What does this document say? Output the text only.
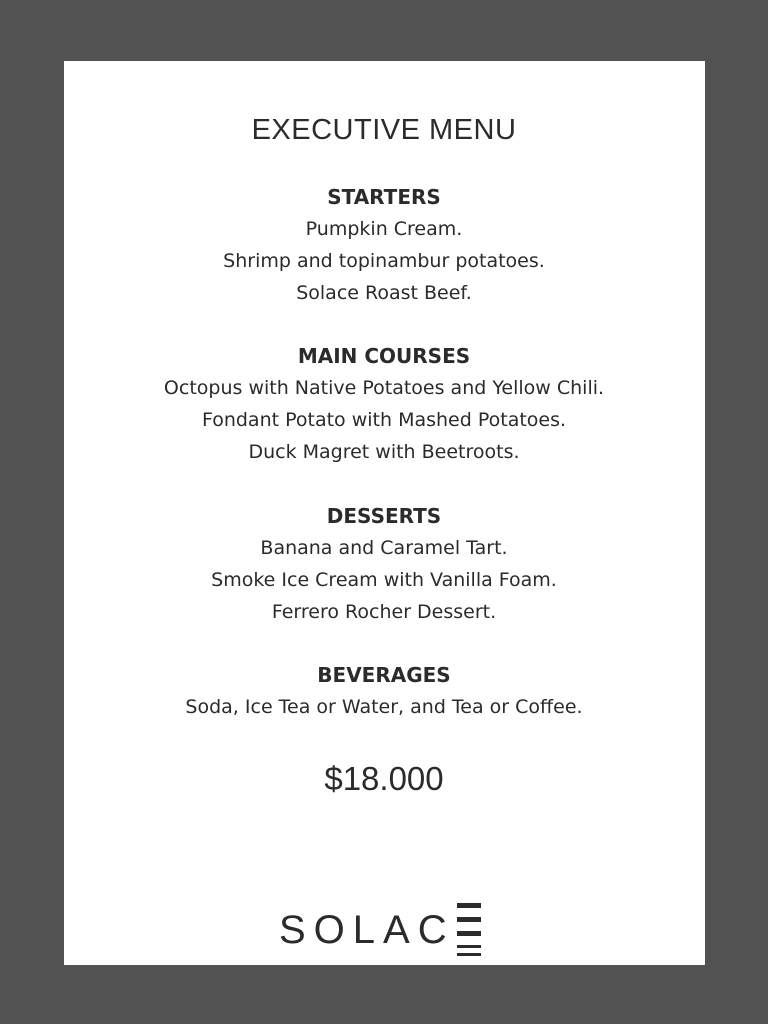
EXECUTIVE MENU
STARTERS
Pumpkin Cream.
Shrimp and topinambur potatoes.
Solace Roast Beef.
MAIN COURSES
Octopus with Native Potatoes and Yellow Chili.
Fondant Potato with Mashed Potatoes.
Duck Magret with Beetroots.
DESSERTS
Banana and Caramel Tart.
Smoke Ice Cream with Vanilla Foam.
Ferrero Rocher Dessert.
BEVERAGES
Soda, Ice Tea or Water, and Tea or Coffee.
$18.000
SOLAC
